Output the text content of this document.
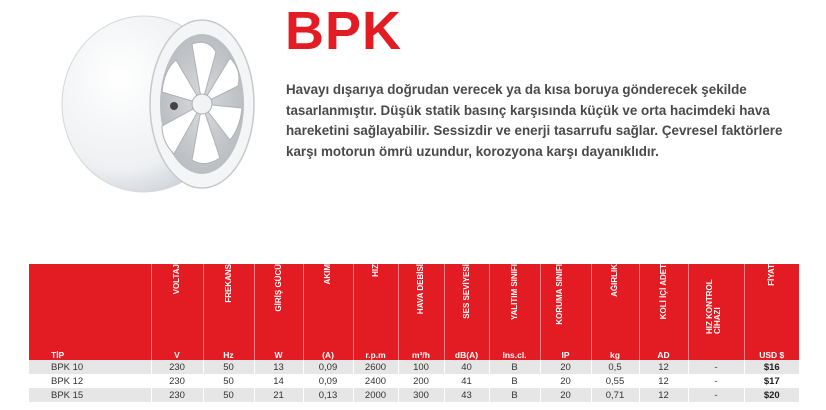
BPK
Havayı dışarıya doğrudan verecek ya da kısa boruya gönderecek şekilde
tasarlanmıştır. Düşük statik basınç karşısında küçük ve orta hacimdeki hava
hareketini sağlayabilir. Sessizdir ve enerji tasarrufu sağlar. Çevresel faktörlere
karşı motorun ömrü uzundur, korozyona karşı dayanıklıdır.

	VOLTAJ	FREKANS	GİRİŞ GÜCÜ	AKIM	HIZ	HAVA DEBİSİ	SES SEVİYESİ	YALITIM SINIFI	KORUMA SINIFI	AĞIRLIK	KOLİ İÇİ ADET	HIZ KONTROL CİHAZI	FİYAT

TİP	V	Hz	W	(A)	r.p.m	m³/h	dB(A)	Ins.cl.	IP	kg	AD		USD $
BPK 10	230	50	13	0,09	2600	100	40	B	20	0,5	12	-	$16
BPK 12	230	50	14	0,09	2400	200	41	B	20	0,55	12	-	$17
BPK 15	230	50	21	0,13	2000	300	43	B	20	0,71	12	-	$20
